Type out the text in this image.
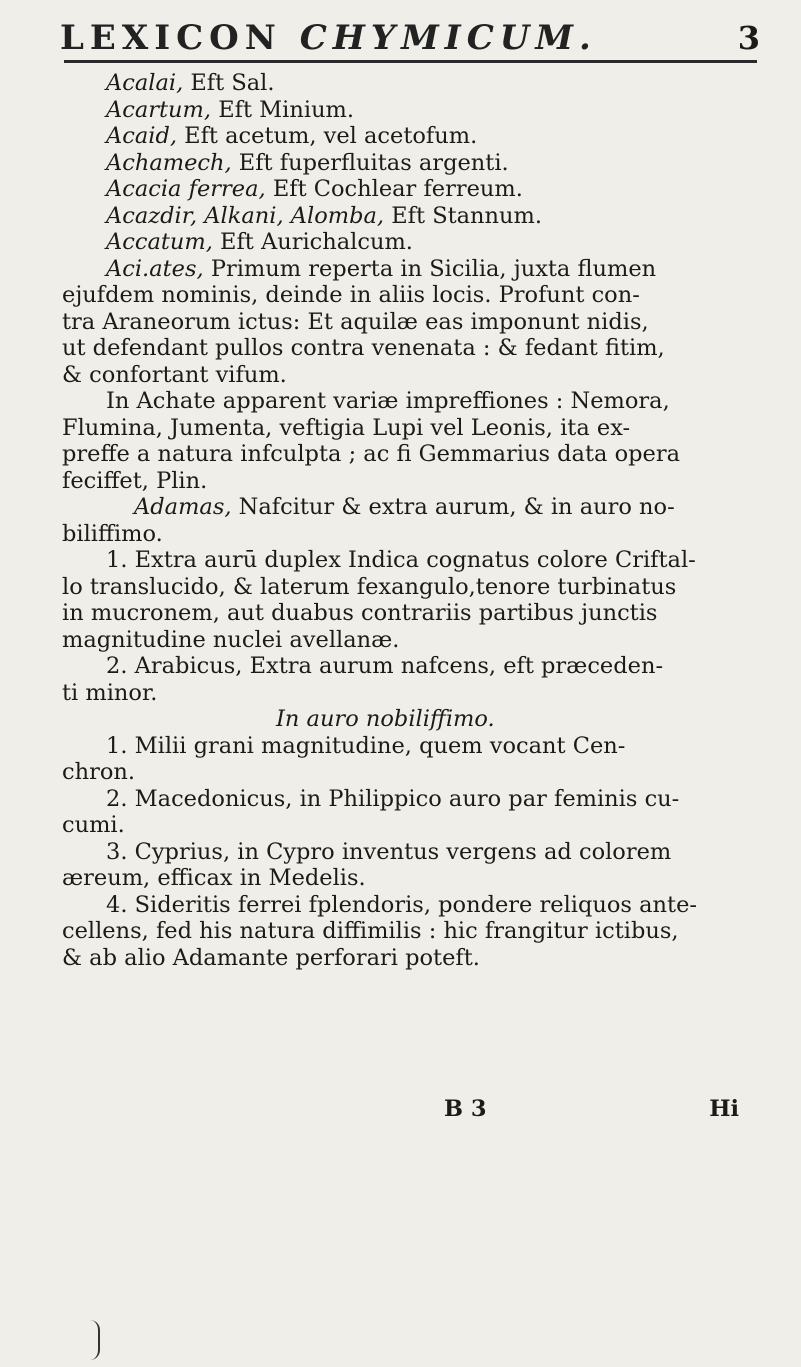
LEXICON CHYMICUM.	3
Acalai, Eft Sal.
Acartum, Eft Minium.
Acaid, Eft acetum, vel acetofum.
Achamech, Eft fuperfluitas argenti.
Acacia ferrea, Eft Cochlear ferreum.
Acazdir, Alkani, Alomba, Eft Stannum.
Accatum, Eft Aurichalcum.
Aci.ates, Primum reperta in Sicilia, juxta flumen
ejufdem nominis, deinde in aliis locis. Profunt con-
tra Araneorum ictus: Et aquilæ eas imponunt nidis,
ut defendant pullos contra venenata : & fedant fitim,
& confortant vifum.
In Achate apparent variæ impreffiones : Nemora,
Flumina, Jumenta, veftigia Lupi vel Leonis, ita ex-
preffe a natura infculpta ; ac fi Gemmarius data opera
feciffet, Plin.
Adamas, Nafcitur & extra aurum, & in auro no-
biliffimo.
1. Extra aurū duplex Indica cognatus colore Criftal-
lo translucido, & laterum fexangulo,tenore turbinatus
in mucronem, aut duabus contrariis partibus junctis
magnitudine nuclei avellanæ.
2. Arabicus, Extra aurum nafcens, eft præceden-
ti minor.
In auro nobiliffimo.
1. Milii grani magnitudine, quem vocant Cen-
chron.
2. Macedonicus, in Philippico auro par feminis cu-
cumi.
3. Cyprius, in Cypro inventus vergens ad colorem
æreum, efficax in Medelis.
4. Sideritis ferrei fplendoris, pondere reliquos ante-
cellens, fed his natura diffimilis : hic frangitur ictibus,
& ab alio Adamante perforari poteft.
B 3	Hi
